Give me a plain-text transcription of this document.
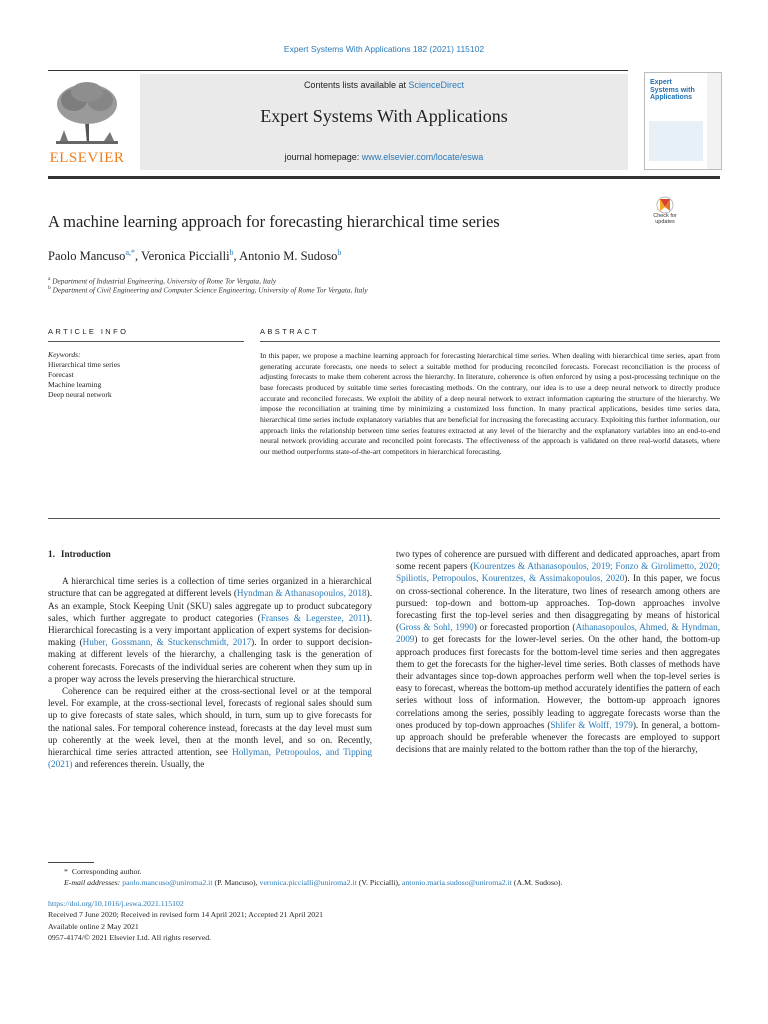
Expert Systems With Applications 182 (2021) 115102
ELSEVIER
Contents lists available at ScienceDirect
Expert Systems With Applications
journal homepage: www.elsevier.com/locate/eswa
Expert Systems with Applications
A machine learning approach for forecasting hierarchical time series	Check for updates
Paolo Mancuso$^{a,*}$, Veronica Piccialli$^b$, Antonio M. Sudoso$^b$
$^a$ Department of Industrial Engineering, University of Rome Tor Vergata, Italy
$^b$ Department of Civil Engineering and Computer Science Engineering, University of Rome Tor Vergata, Italy
ARTICLE INFO	ABSTRACT
Keywords:
Hierarchical time series
Forecast
Machine learning
Deep neural network
In this paper, we propose a machine learning approach for forecasting hierarchical time series. When dealing with hierarchical time series, apart from generating accurate forecasts, one needs to select a suitable method for producing reconciled forecasts. Forecast reconciliation is the process of adjusting forecasts to make them coherent across the hierarchy. In literature, coherence is often enforced by using a post-processing technique on the base forecasts produced by suitable time series forecasting methods. On the contrary, our idea is to use a deep neural network to directly produce accurate and reconciled forecasts. We exploit the ability of a deep neural network to extract information capturing the structure of the hierarchy. We impose the reconciliation at training time by minimizing a customized loss function. In many practical applications, besides time series data, hierarchical time series include explanatory variables that are beneficial for increasing the forecasting accuracy. Exploiting this further information, our approach links the relationship between time series features extracted at any level of the hierarchy and the explanatory variables into an end-to-end neural network providing accurate and reconciled point forecasts. The effectiveness of the approach is validated on three real-world datasets, where our method outperforms state-of-the-art competitors in hierarchical forecasting.
1. Introduction

A hierarchical time series is a collection of time series organized in a hierarchical structure that can be aggregated at different levels (Hyndman & Athanasopoulos, 2018). As an example, Stock Keeping Unit (SKU) sales aggregate up to product subcategory sales, which further aggregate to product categories (Franses & Legerstee, 2011). Hierarchical forecasting is a very important application of expert systems for decision-making (Huber, Gossmann, & Stuckenschmidt, 2017). In order to support decision-making at different levels of the hierarchy, a challenging task is the generation of coherent forecasts. Forecasts of the individual series are coherent when they sum up in a proper way across the levels preserving the hierarchical structure.

Coherence can be required either at the cross-sectional level or at the temporal level. For example, at the cross-sectional level, forecasts of regional sales should sum up to give forecasts of state sales, which should, in turn, sum up to give forecasts for the national sales. For temporal coherence instead, forecasts at the day level must sum up coherently at the week level, then at the month level, and so on. Recently, hierarchical time series attracted attention, see Hollyman, Petropoulos, and Tipping (2021) and references therein. Usually, the

two types of coherence are pursued with different and dedicated approaches, apart from some recent papers (Kourentzes & Athanasopoulos, 2019; Fonzo & Girolimetto, 2020; Spiliotis, Petropoulos, Kourentzes, & Assimakopoulos, 2020). In this paper, we focus on cross-sectional coherence. In the literature, two lines of research among others are pursued: top-down and bottom-up approaches. Top-down approaches involve forecasting first the top-level series and then disaggregating by means of historical (Gross & Sohl, 1990) or forecasted proportion (Athanasopoulos, Ahmed, & Hyndman, 2009) to get forecasts for the lower-level series. On the other hand, the bottom-up approach produces first forecasts for the bottom-level time series and then aggregates them to get the forecasts for the higher-level time series. Both classes of methods have their advantages since top-down approaches perform well when the top-level series is easy to forecast, whereas the bottom-up method accurately identifies the pattern of each series without loss of information. However, the bottom-up approach ignores correlations among the series, possibly leading to aggregate forecasts worse than the ones produced by top-down approaches (Shlifer & Wolff, 1979). In general, a bottom-up approach should be preferable whenever the forecasts are employed to support decisions that are mainly related to the bottom rather than the top of the hierarchy,

* Corresponding author.
E-mail addresses: paolo.mancuso@uniroma2.it (P. Mancuso), veronica.piccialli@uniroma2.it (V. Piccialli), antonio.maria.sudoso@uniroma2.it (A.M. Sudoso).
https://doi.org/10.1016/j.eswa.2021.115102
Received 7 June 2020; Received in revised form 14 April 2021; Accepted 21 April 2021
Available online 2 May 2021
0957-4174/© 2021 Elsevier Ltd. All rights reserved.
